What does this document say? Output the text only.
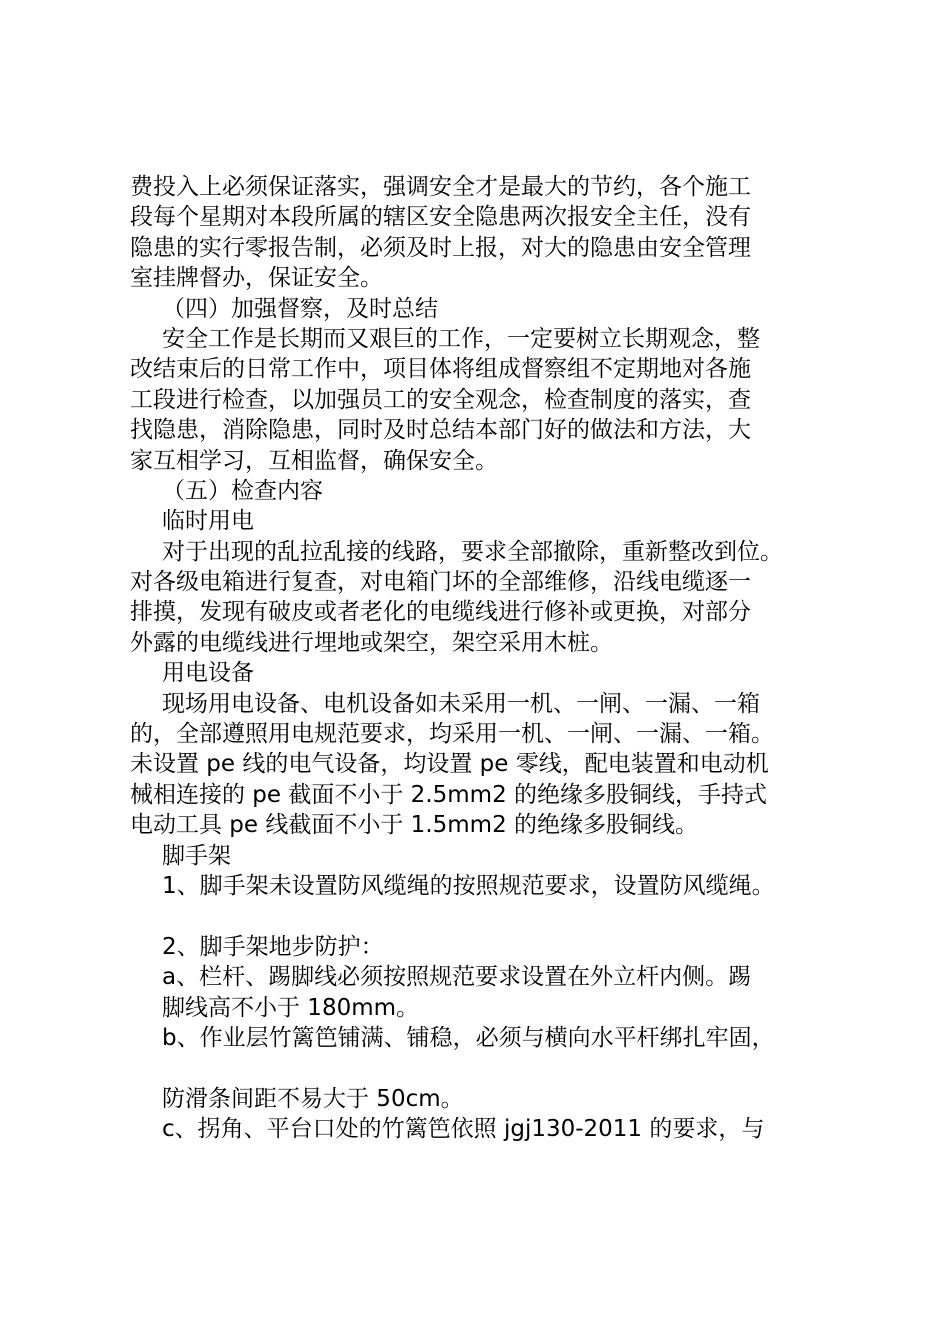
费投入上必须保证落实，强调安全才是最大的节约，各个施工
段每个星期对本段所属的辖区安全隐患两次报安全主任，没有
隐患的实行零报告制，必须及时上报，对大的隐患由安全管理
室挂牌督办，保证安全。
（四）加强督察，及时总结
安全工作是长期而又艰巨的工作，一定要树立长期观念，整
改结束后的日常工作中，项目体将组成督察组不定期地对各施
工段进行检查，以加强员工的安全观念，检查制度的落实，查
找隐患，消除隐患，同时及时总结本部门好的做法和方法，大
家互相学习，互相监督，确保安全。
（五）检查内容
临时用电
对于出现的乱拉乱接的线路，要求全部撤除，重新整改到位。
对各级电箱进行复查，对电箱门坏的全部维修，沿线电缆逐一
排摸，发现有破皮或者老化的电缆线进行修补或更换，对部分
外露的电缆线进行埋地或架空，架空采用木桩。
用电设备
现场用电设备、电机设备如未采用一机、一闸、一漏、一箱
的，全部遵照用电规范要求，均采用一机、一闸、一漏、一箱。
未设置 pe 线的电气设备，均设置 pe 零线，配电装置和电动机
械相连接的 pe 截面不小于 2.5mm2 的绝缘多股铜线，手持式
电动工具 pe 线截面不小于 1.5mm2 的绝缘多股铜线。
脚手架
1、脚手架未设置防风缆绳的按照规范要求，设置防风缆绳。
2、脚手架地步防护：
a、栏杆、踢脚线必须按照规范要求设置在外立杆内侧。踢
脚线高不小于 180mm。
b、作业层竹篱笆铺满、铺稳，必须与横向水平杆绑扎牢固，
防滑条间距不易大于 50cm。
c、拐角、平台口处的竹篱笆依照 jgj130-2011 的要求，与
